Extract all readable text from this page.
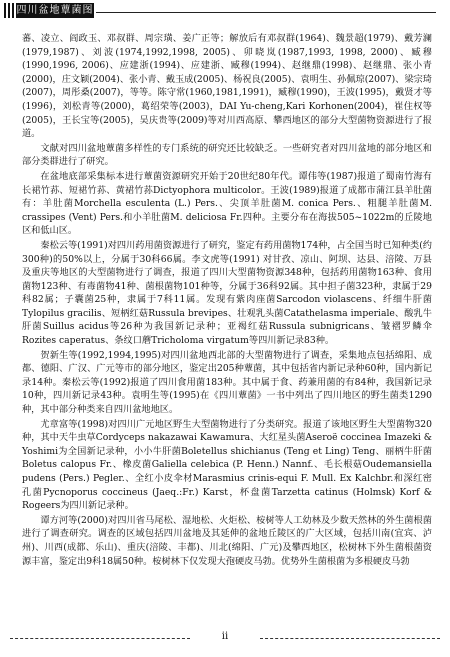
四川盆地蕈菌图志

蕃、凌立、阎政玉、邓叔群、周宗璜、姜广正等；解放后有邓叔群(1964)、魏景超(1979)、戴芳澜(1979,1987)、刘波(1974,1992,1998, 2005)、卯晓岚(1987,1993, 1998, 2000)、臧穆(1990,1996, 2006)、应建浙(1994)、应建浙、臧穆(1994)、赵继鼎(1998)、赵继鼎、张小青(2000)，庄文颖(2004)、张小青、戴玉成(2005)、杨祝良(2005)、袁明生、孙佩琼(2007)、梁宗琦(2007)，周彤桑(2007)，等等。陈守常(1960,1981,1991)，臧穆(1990)，王波(1995)，戴贤才等(1996)，刘松青等(2000)，葛绍荣等(2003)，DAI Yu-cheng,Kari Korhonen(2004)，崔住权等(2005)，王长宝等(2005)，吴庆贵等(2009)等对川西高原、攀西地区的部分大型菌物资源进行了报道。

文献对四川盆地蕈菌多样性的专门系统的研究还比较缺乏。一些研究者对四川盆地的部分地区和部分类群进行了研究。

在盆地底部采集标本进行蕈菌资源研究开始于20世纪80年代。谭伟等(1987)报道了蜀南竹海有长裙竹荪、短裙竹荪、黄裙竹荪Dictyophora multicolor。王波(1989)报道了成都市蒲江县羊肚菌有：羊肚菌Morchella esculenta (L.) Pers.、尖顶羊肚菌M. conica Pers.、粗腿羊肚菌M. crassipes (Vent) Pers.和小羊肚菌M. deliciosa Fr.四种。主要分布在海拔505~1022m的丘陵地区和低山区。

秦松云等(1991)对四川药用菌资源进行了研究，鉴定有药用菌物174种，占全国当时已知种类(约300种)的50%以上，分属于30科66属。李文虎等(1991) 对甘孜、凉山、阿坝、达县、涪陵、万县及重庆等地区的大型菌物进行了调查，报道了四川大型菌物资源348种，包括药用菌物163种、食用菌物123种、有毒菌物41种、菌根菌物101种等，分属于36科92属。其中担子菌323种，隶属于29科82属；子囊菌25种，隶属于7科11属。发现有紫肉座菌Sarcodon violascens、纤细牛肝菌Tylopilus gracilis、短柄红菇Russula brevipes、壮观乳头菌Catathelasma imperiale、酸乳牛肝菌Suillus acidus等26种为我国新记录种；亚褐红菇Russula subnigricans、皱褶罗鳞伞Rozites caperatus、条纹口蘑Tricholoma virgatum等四川新记录83种。

贺新生等(1992,1994,1995)对四川盆地西北部的大型菌物进行了调查，采集地点包括绵阳、成都、德阳、广汉、广元等市的部分地区，鉴定出205种蕈菌，其中包括省内新记录种60种，国内新记录14种。秦松云等(1992)报道了四川食用菌183种。其中属于食、药兼用菌的有84种，我国新记录10种，四川新记录43种。袁明生等(1995)在《四川蕈菌》一书中列出了四川地区的野生菌类1290种，其中部分种类来自四川盆地地区。

尤章富等(1998)对四川广元地区野生大型菌物进行了分类研究。报道了该地区野生大型菌物320种，其中天牛虫草Cordyceps nakazawai Kawamura、大红星头菌Aseroë coccinea Imazeki & Yoshimi为全国新记录种，小小牛肝菌Boletellus shichianus (Teng et Ling) Teng、丽柄牛肝菌Boletus calopus Fr.、橡皮菌Galiella celebica (P. Henn.) Nannf.、毛长根菇Oudemansiella pudens (Pers.) Pegler.、全红小皮伞材Marasmius crinis-equi F. Mull. Ex Kalchbr.和深红密孔菌Pycnoporus coccineus (Jaeq.:Fr.) Karst，杯盘菌Tarzetta catinus (Holmsk) Korf & Rogeers为四川新记录种。

谭方河等(2000)对四川省马尾松、湿地松、火炬松、桉树等人工幼林及少数天然林的外生菌根菌进行了调查研究。调查的区域包括四川盆地及其延伸的盆地丘陵区的广大区域，包括川南(宜宾、泸州)、川西(成都、乐山)、重庆(涪陵、丰都)、川北(绵阳、广元)及攀西地区，松树林下外生菌根菌资源丰富，鉴定出9科18属50种。桉树林下仅发现大孢硬皮马勃。优势外生菌根菌为多根硬皮马勃

ii
